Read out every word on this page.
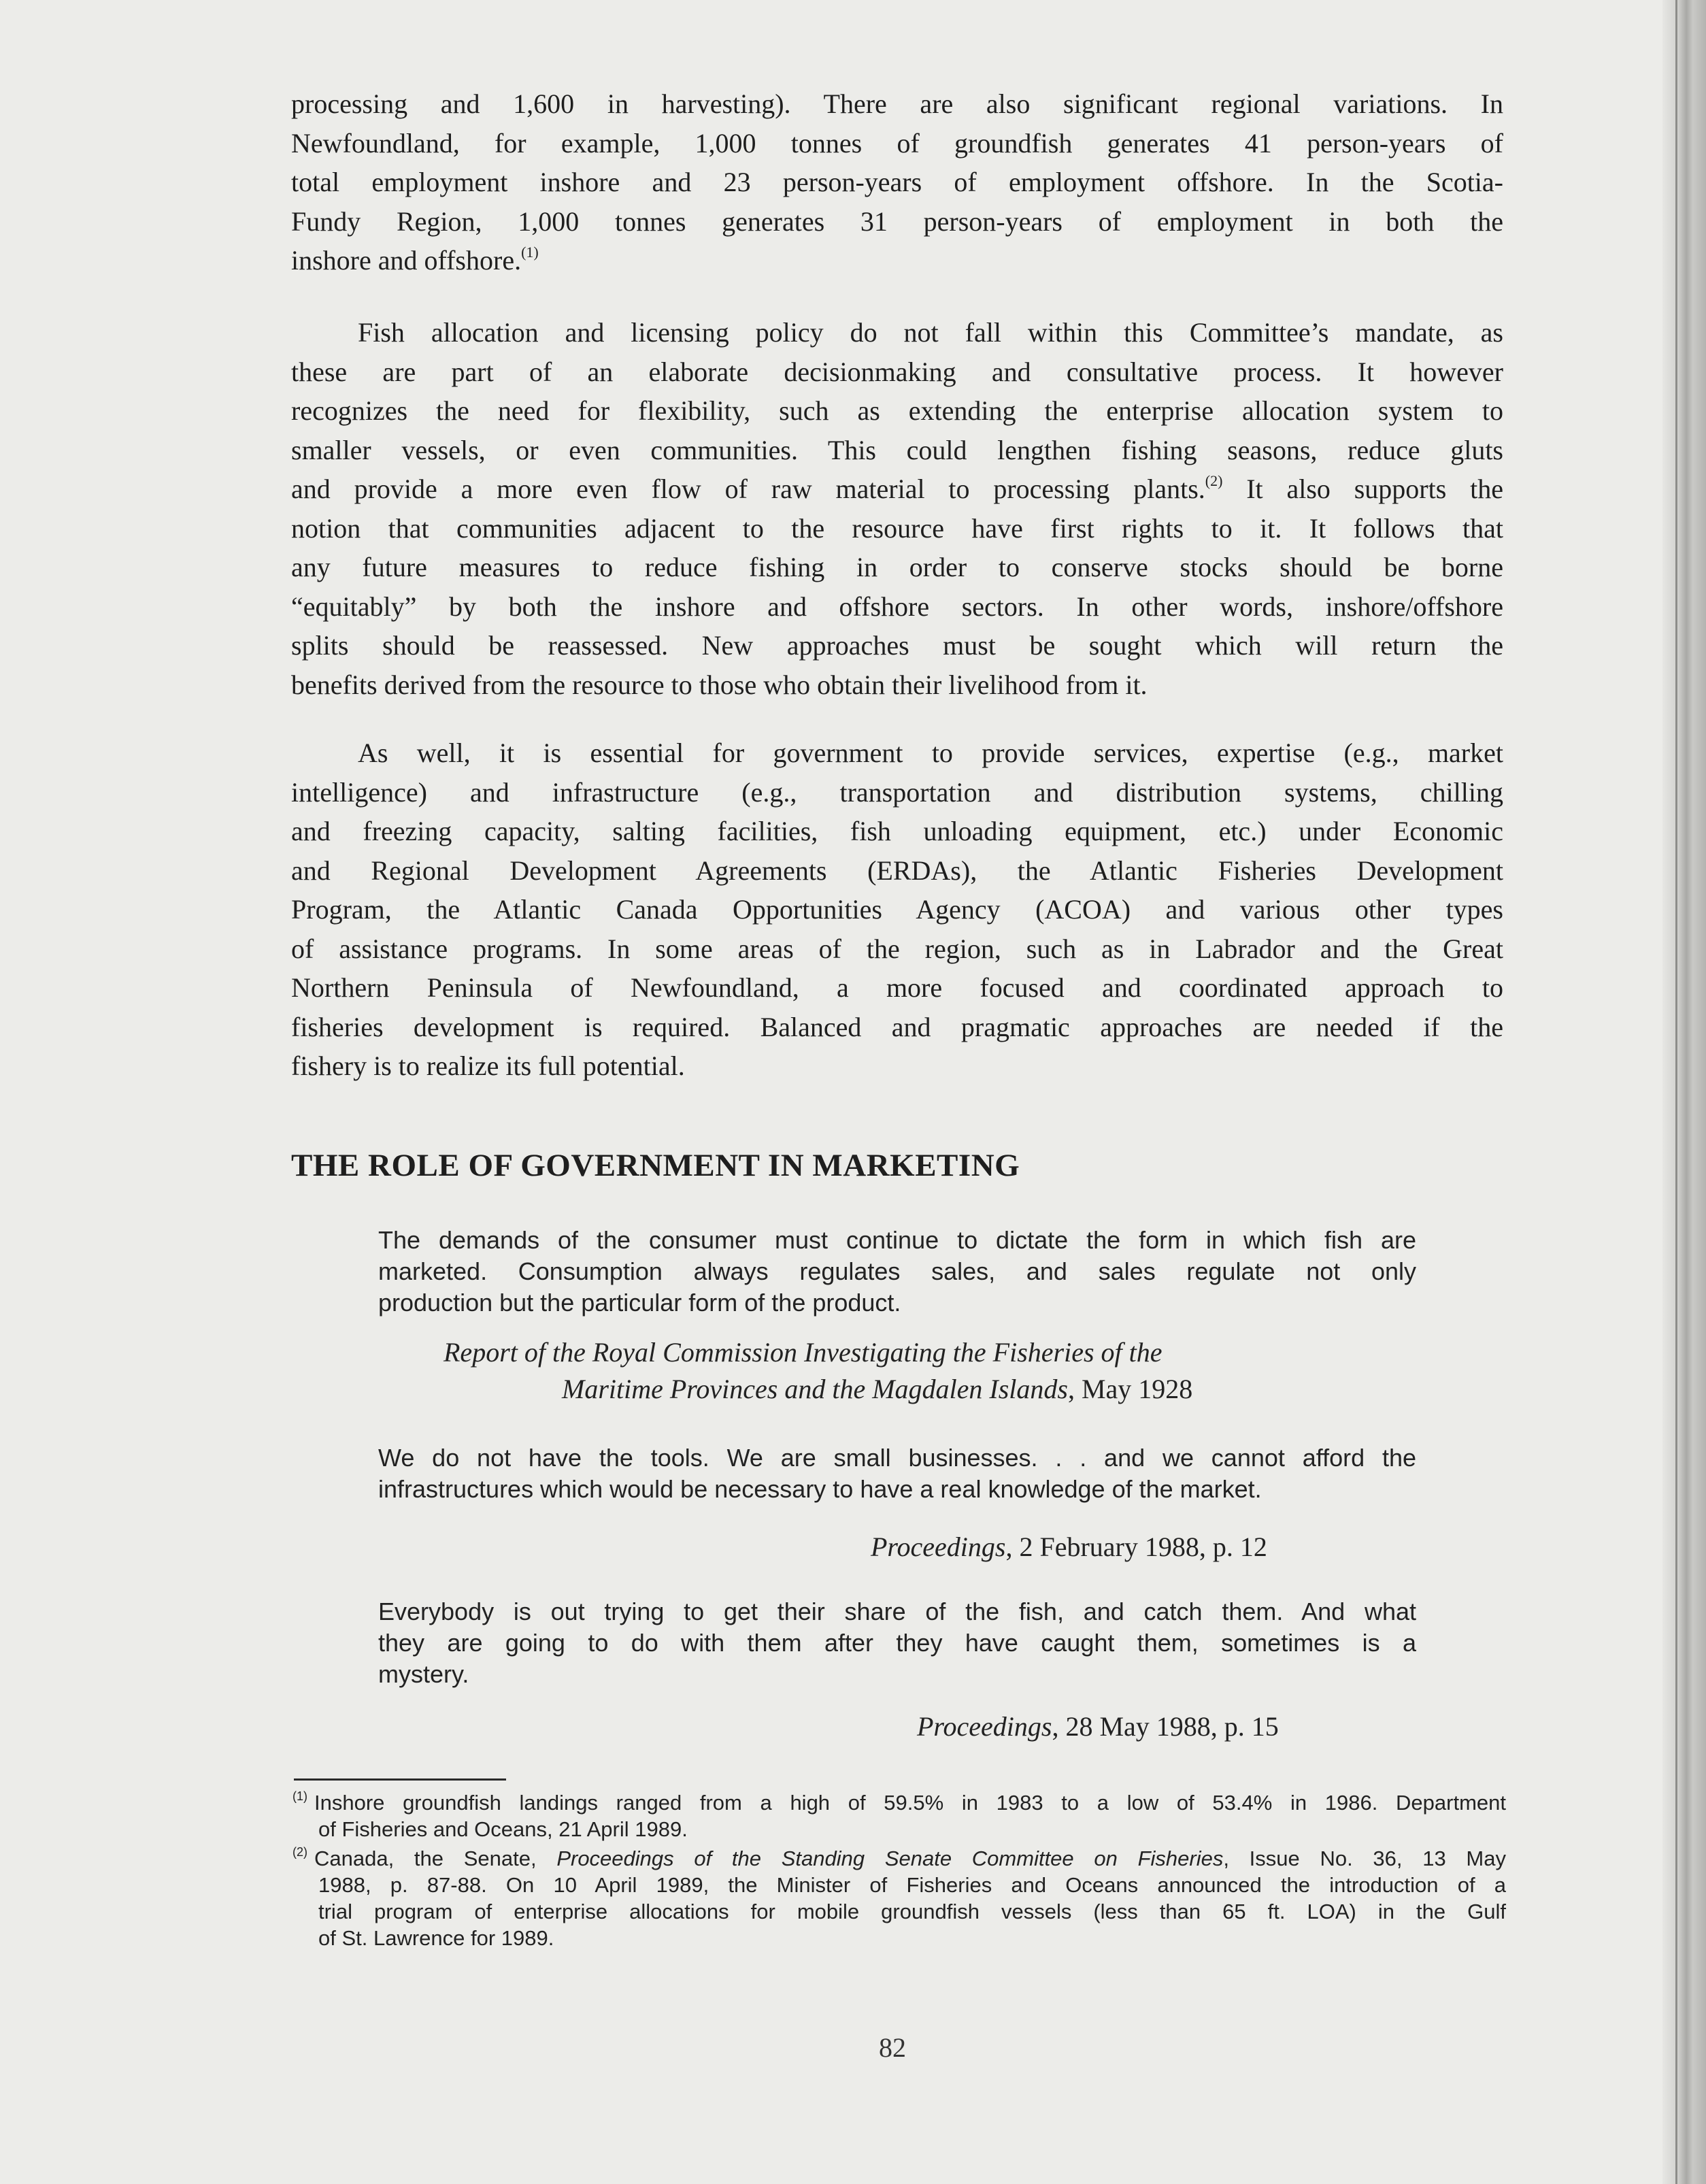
processing and 1,600 in harvesting). There are also significant regional variations. In
Newfoundland, for example, 1,000 tonnes of groundfish generates 41 person-years of
total employment inshore and 23 person-years of employment offshore. In the Scotia-
Fundy Region, 1,000 tonnes generates 31 person-years of employment in both the
inshore and offshore.$^{(1)}$
Fish allocation and licensing policy do not fall within this Committee’s mandate, as
these are part of an elaborate decisionmaking and consultative process. It however
recognizes the need for flexibility, such as extending the enterprise allocation system to
smaller vessels, or even communities. This could lengthen fishing seasons, reduce gluts
and provide a more even flow of raw material to processing plants.$^{(2)}$ It also supports the
notion that communities adjacent to the resource have first rights to it. It follows that
any future measures to reduce fishing in order to conserve stocks should be borne
“equitably” by both the inshore and offshore sectors. In other words, inshore/offshore
splits should be reassessed. New approaches must be sought which will return the
benefits derived from the resource to those who obtain their livelihood from it.
As well, it is essential for government to provide services, expertise (e.g., market
intelligence) and infrastructure (e.g., transportation and distribution systems, chilling
and freezing capacity, salting facilities, fish unloading equipment, etc.) under Economic
and Regional Development Agreements (ERDAs), the Atlantic Fisheries Development
Program, the Atlantic Canada Opportunities Agency (ACOA) and various other types
of assistance programs. In some areas of the region, such as in Labrador and the Great
Northern Peninsula of Newfoundland, a more focused and coordinated approach to
fisheries development is required. Balanced and pragmatic approaches are needed if the
fishery is to realize its full potential.
THE ROLE OF GOVERNMENT IN MARKETING
The demands of the consumer must continue to dictate the form in which fish are
marketed. Consumption always regulates sales, and sales regulate not only
production but the particular form of the product.

Report of the Royal Commission Investigating the Fisheries of the

Maritime Provinces and the Magdalen Islands, May 1928

We do not have the tools. We are small businesses. . . and we cannot afford the
infrastructures which would be necessary to have a real knowledge of the market.

Proceedings, 2 February 1988, p. 12

Everybody is out trying to get their share of the fish, and catch them. And what
they are going to do with them after they have caught them, sometimes is a
mystery.

Proceedings, 28 May 1988, p. 15

$^{(1)}$ Inshore groundfish landings ranged from a high of 59.5% in 1983 to a low of 53.4% in 1986. Department
of Fisheries and Oceans, 21 April 1989.
$^{(2)}$ Canada, the Senate, Proceedings of the Standing Senate Committee on Fisheries, Issue No. 36, 13 May
1988, p. 87-88. On 10 April 1989, the Minister of Fisheries and Oceans announced the introduction of a
trial program of enterprise allocations for mobile groundfish vessels (less than 65 ft. LOA) in the Gulf
of St. Lawrence for 1989.

82
